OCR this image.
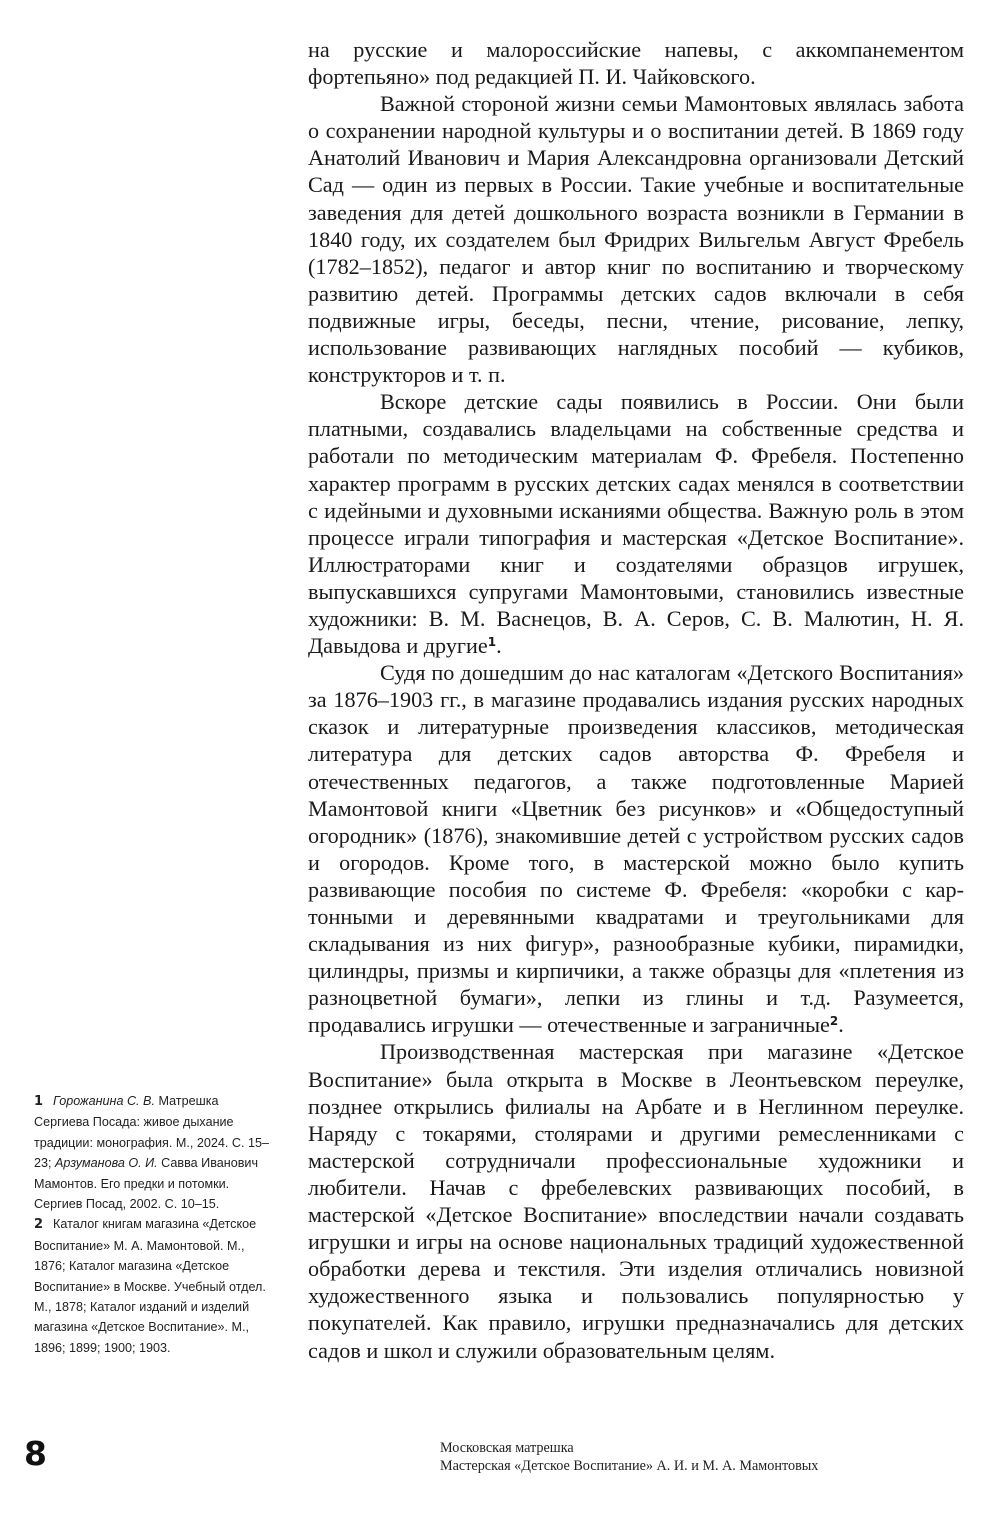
на русские и малороссийские напевы, с аккомпанементом фортепьяно» под редакцией П. И. Чайковского.

Важной стороной жизни семьи Мамонтовых являлась забота о сохранении народной культуры и о воспитании детей. В 1869 году Анатолий Иванович и Мария Александровна организовали Детский Сад — один из первых в России. Такие учебные и воспитательные заведения для детей дошкольного возраста возникли в Германии в 1840 году, их создателем был Фридрих Вильгельм Август Фребель (1782–1852), педагог и автор книг по воспитанию и творческому развитию детей. Программы детских садов включали в себя подвижные игры, беседы, песни, чтение, рисование, лепку, использование развивающих наглядных пособий — кубиков, конструкторов и т. п.

Вскоре детские сады появились в России. Они были платными, создавались владельцами на собственные средства и работали по методическим материалам Ф. Фребеля. Постепенно характер программ в русских детских садах менялся в соответствии с идейными и духовными исканиями общества. Важную роль в этом процессе играли типография и мастерская «Детское Воспитание». Иллюстраторами книг и создателями образцов игрушек, выпускавшихся супругами Мамонтовыми, становились известные художники: В. М. Васнецов, В. А. Серов, С. В. Малютин, Н. Я. Давыдова и другие$^1$.

Судя по дошедшим до нас каталогам «Детского Воспитания» за 1876–1903 гг., в магазине продавались издания русских народных сказок и литературные произведения классиков, методическая литература для детских садов авторства Ф. Фребеля и отечественных педагогов, а также подготовленные Марией Мамонтовой книги «Цветник без рисунков» и «Общедоступный огородник» (1876), знакомившие детей с устройством русских садов и огородов. Кроме того, в мастерской можно было купить развивающие пособия по системе Ф. Фребеля: «коробки с картонными и деревянными квадратами и треугольниками для складывания из них фигур», разнообразные кубики, пирамидки, цилиндры, призмы и кирпичики, а также образцы для «плетения из разноцветной бумаги», лепки из глины и т.д. Разумеется, продавались игрушки — отечественные и заграничные$^2$.

Производственная мастерская при магазине «Детское Воспитание» была открыта в Москве в Леонтьевском переулке, позднее открылись филиалы на Арбате и в Неглинном переулке. Наряду с токарями, столярами и другими ремесленниками с мастерской сотрудничали профессиональные художники и любители. Начав с фребелевских развивающих пособий, в мастерской «Детское Воспитание» впоследствии начали создавать игрушки и игры на основе национальных традиций художественной обработки дерева и текстиля. Эти изделия отличались новизной художественного языка и пользовались популярностью у покупателей. Как правило, игрушки предназначались для детских садов и школ и служили образовательным целям.

1 Горожанина С. В. Матрешка Сергиева Посада: живое дыхание традиции: монография. М., 2024. С. 15–23; Арзуманова О. И. Савва Иванович Мамонтов. Его предки и потомки. Сергиев Посад, 2002. С. 10–15.

2 Каталог книгам магазина «Детское Воспитание» М. А. Мамонтовой. М., 1876; Каталог магазина «Детское Воспитание» в Москве. Учебный отдел. М., 1878; Каталог изданий и изделий магазина «Детское Воспитание». М., 1896; 1899; 1900; 1903.

8	Московская матрешка
Мастерская «Детское Воспитание» А. И. и М. А. Мамонтовых
